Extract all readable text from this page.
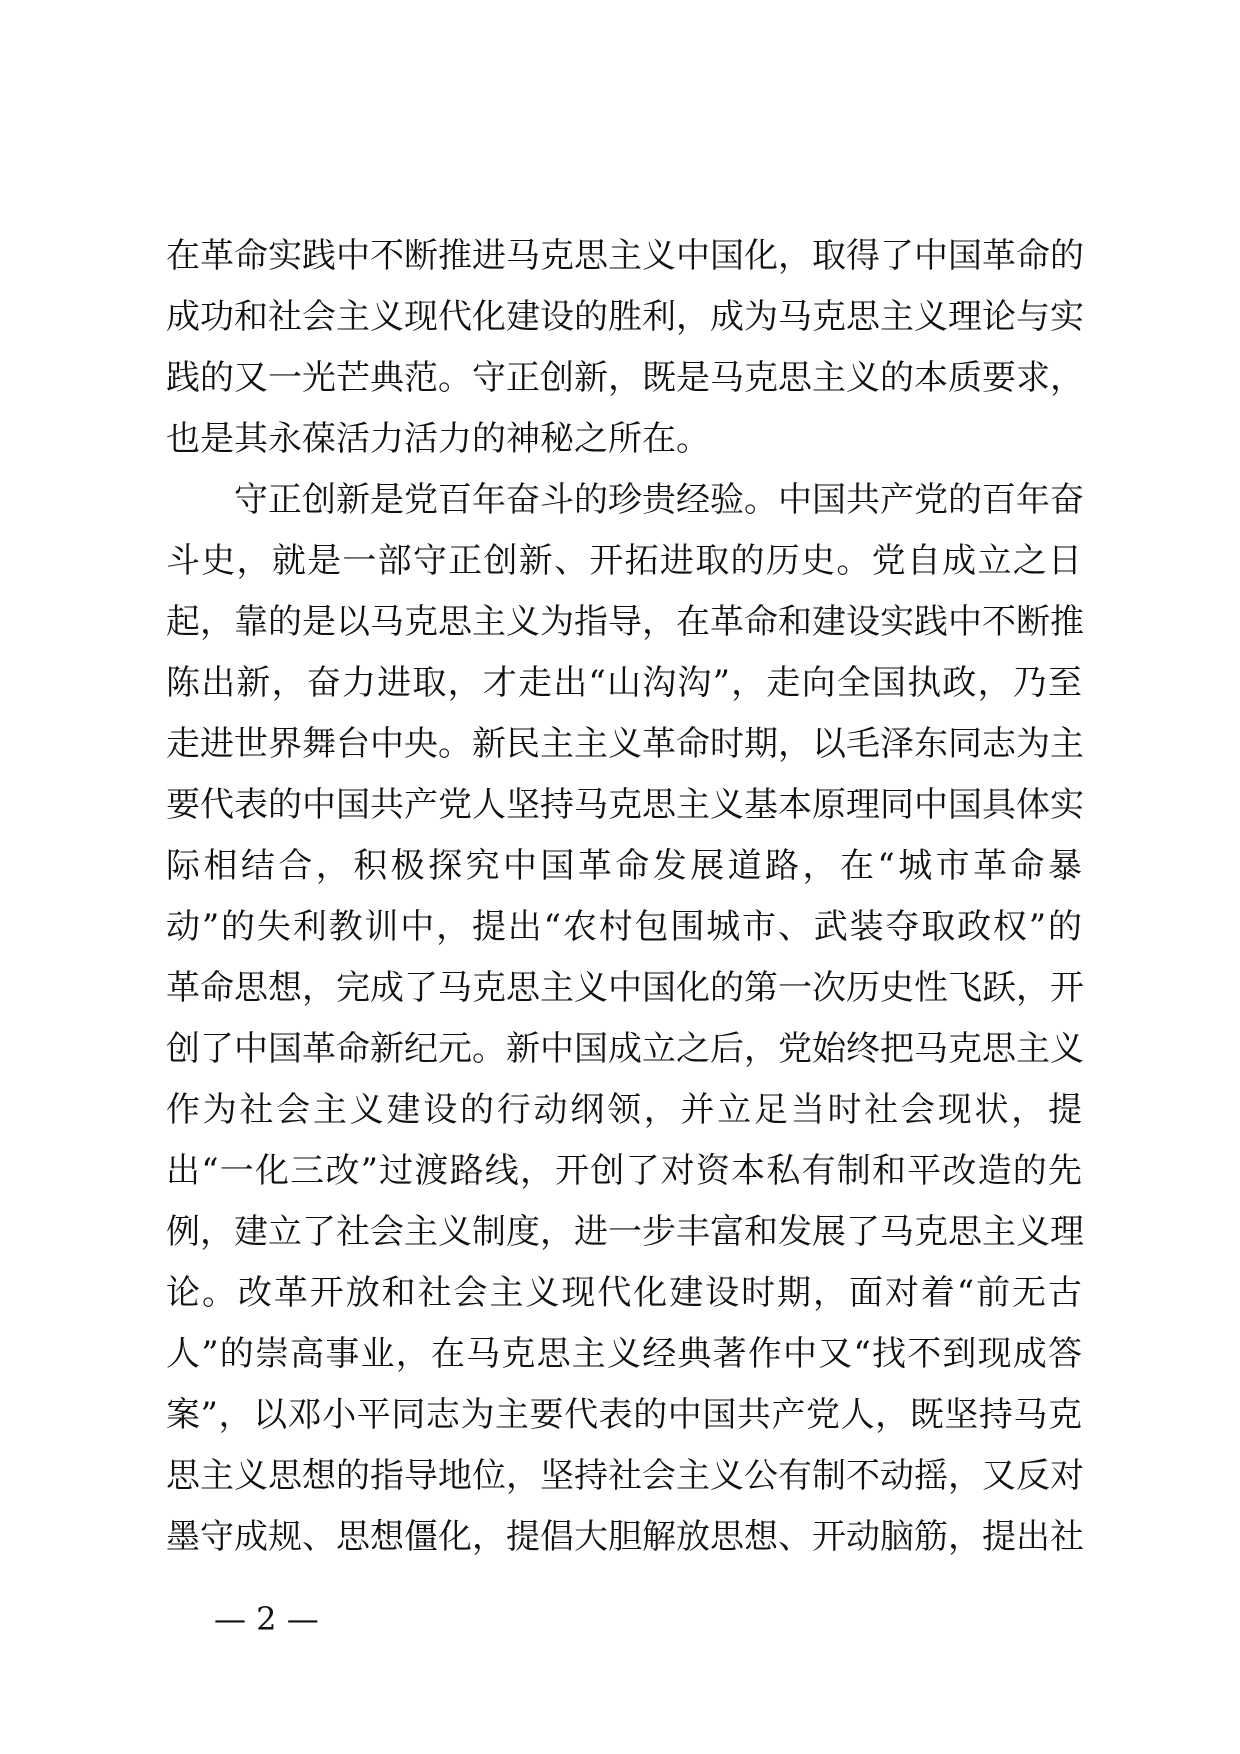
在革命实践中不断推进马克思主义中国化，取得了中国革命的
成功和社会主义现代化建设的胜利，成为马克思主义理论与实
践的又一光芒典范。守正创新，既是马克思主义的本质要求，
也是其永葆活力活力的神秘之所在。
守正创新是党百年奋斗的珍贵经验。中国共产党的百年奋
斗史，就是一部守正创新、开拓进取的历史。党自成立之日
起，靠的是以马克思主义为指导，在革命和建设实践中不断推
陈出新，奋力进取，才走出“山沟沟”，走向全国执政，乃至
走进世界舞台中央。新民主主义革命时期，以毛泽东同志为主
要代表的中国共产党人坚持马克思主义基本原理同中国具体实
际相结合，积极探究中国革命发展道路，在“城市革命暴
动”的失利教训中，提出“农村包围城市、武装夺取政权”的
革命思想，完成了马克思主义中国化的第一次历史性飞跃，开
创了中国革命新纪元。新中国成立之后，党始终把马克思主义
作为社会主义建设的行动纲领，并立足当时社会现状，提
出“一化三改”过渡路线，开创了对资本私有制和平改造的先
例，建立了社会主义制度，进一步丰富和发展了马克思主义理
论。改革开放和社会主义现代化建设时期，面对着“前无古
人”的崇高事业，在马克思主义经典著作中又“找不到现成答
案”，以邓小平同志为主要代表的中国共产党人，既坚持马克
思主义思想的指导地位，坚持社会主义公有制不动摇，又反对
墨守成规、思想僵化，提倡大胆解放思想、开动脑筋，提出社
— 2 —
